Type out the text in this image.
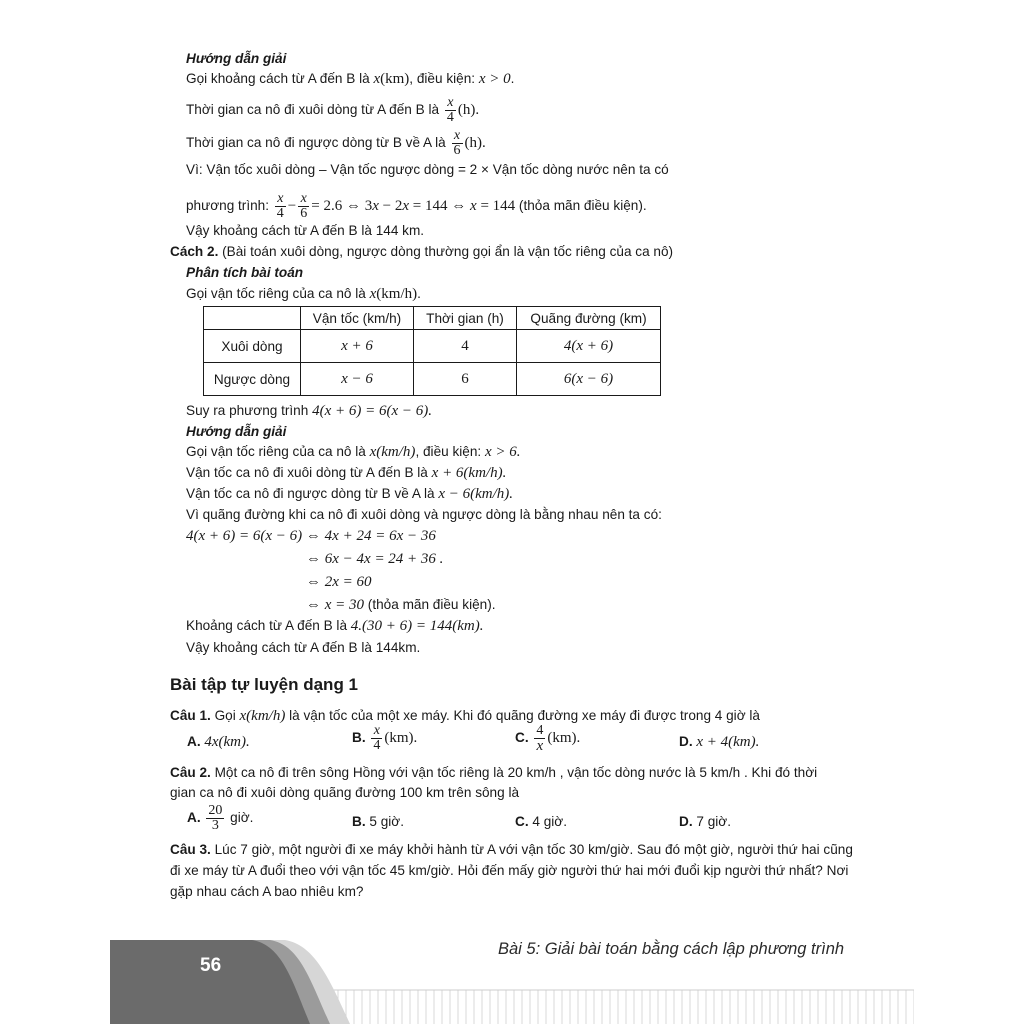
Hướng dẫn giải
Gọi khoảng cách từ A đến B là x(km), điều kiện: x > 0.
Thời gian ca nô đi xuôi dòng từ A đến B là $\frac{x}{4} (h)$.
Thời gian ca nô đi ngược dòng từ B về A là $\frac{x}{6} (h)$.
Vì: Vận tốc xuôi dòng – Vận tốc ngược dòng = 2 × Vận tốc dòng nước nên ta có
phương trình: $\frac{x}{4} - \frac{x}{6} = 2.6$ ⇔ 3x − 2x = 144 ⇔ x = 144 (thỏa mãn điều kiện).
Vậy khoảng cách từ A đến B là 144 km.
Cách 2. (Bài toán xuôi dòng, ngược dòng thường gọi ẩn là vận tốc riêng của ca nô)
Phân tích bài toán
Gọi vận tốc riêng của ca nô là x(km/h).
	Vận tốc (km/h)	Thời gian (h)	Quãng đường (km)
Xuôi dòng	x + 6	4	4(x + 6)
Ngược dòng	x − 6	6	6(x − 6)
Suy ra phương trình 4(x + 6) = 6(x − 6).
Hướng dẫn giải
Gọi vận tốc riêng của ca nô là x(km/h), điều kiện: x > 6.
Vận tốc ca nô đi xuôi dòng từ A đến B là x + 6(km/h).
Vận tốc ca nô đi ngược dòng từ B về A là x − 6(km/h).
Vì quãng đường khi ca nô đi xuôi dòng và ngược dòng là bằng nhau nên ta có:
4(x + 6) = 6(x − 6) ⇔ 4x + 24 = 6x − 36
⇔ 6x − 4x = 24 + 36 .
⇔ 2x = 60
⇔ x = 30 (thỏa mãn điều kiện).
Khoảng cách từ A đến B là 4.(30 + 6) = 144(km).
Vậy khoảng cách từ A đến B là 144km.
Bài tập tự luyện dạng 1
Câu 1. Gọi x(km/h) là vận tốc của một xe máy. Khi đó quãng đường xe máy đi được trong 4 giờ là
A. 4x(km).	B. $\frac{x}{4} (km)$.	C. $\frac{4}{x} (km)$.	D. x + 4(km).
Câu 2. Một ca nô đi trên sông Hồng với vận tốc riêng là 20 km/h , vận tốc dòng nước là 5 km/h . Khi đó thời
gian ca nô đi xuôi dòng quãng đường 100 km trên sông là
A. $\frac{20}{3}$ giờ.	B. 5 giờ.	C. 4 giờ.	D. 7 giờ.
Câu 3. Lúc 7 giờ, một người đi xe máy khởi hành từ A với vận tốc 30 km/giờ. Sau đó một giờ, người thứ hai cũng
đi xe máy từ A đuổi theo với vận tốc 45 km/giờ. Hỏi đến mấy giờ người thứ hai mới đuổi kịp người thứ nhất? Nơi
gặp nhau cách A bao nhiêu km?
56
Bài 5: Giải bài toán bằng cách lập phương trình
